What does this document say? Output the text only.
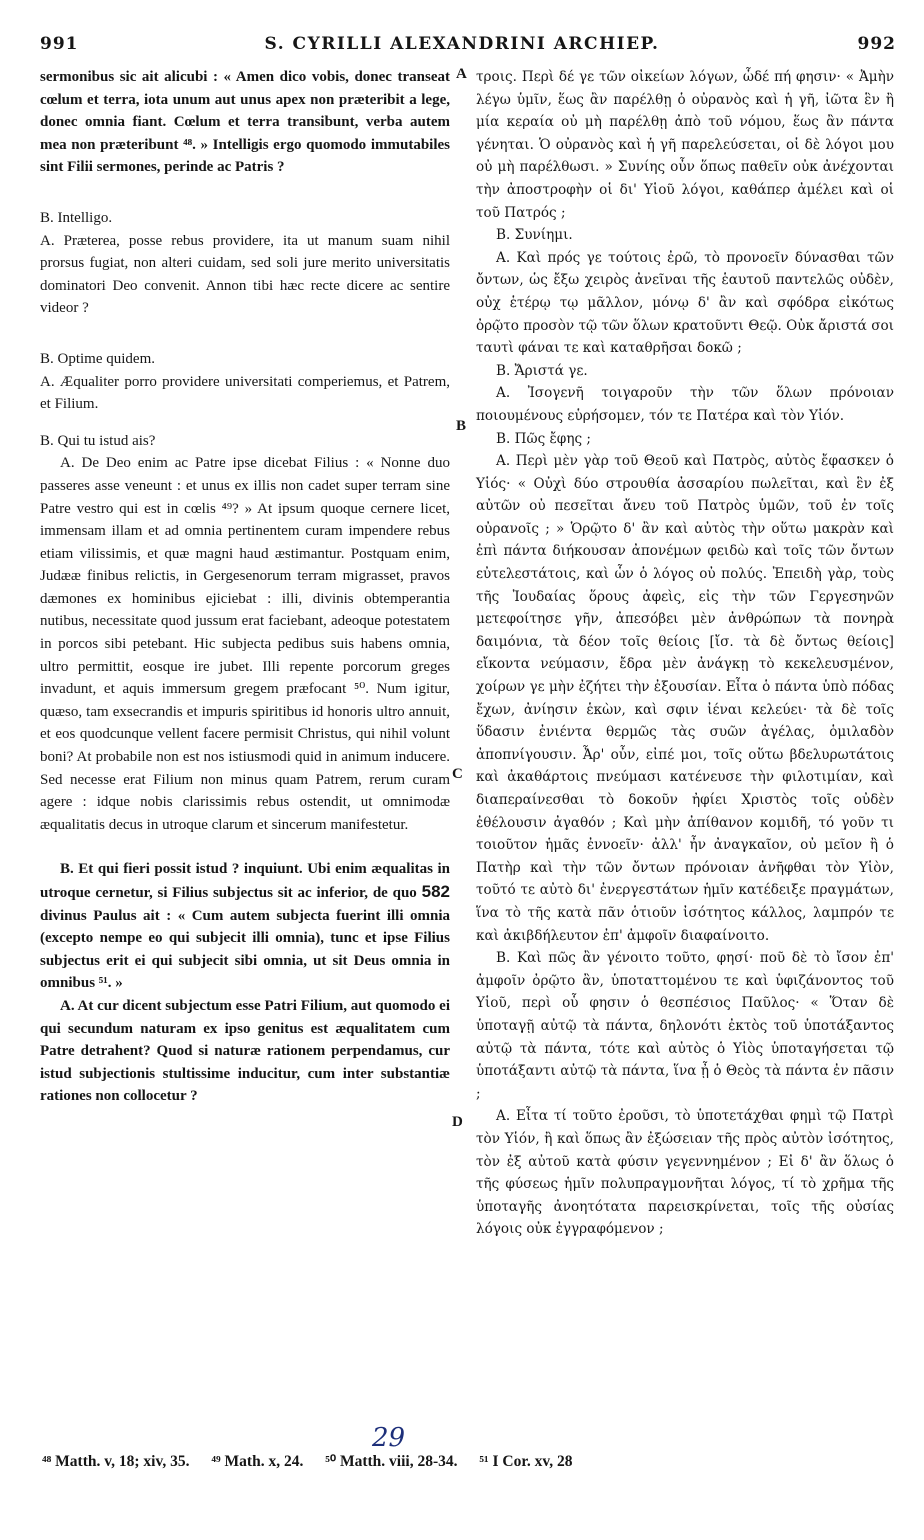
991	S. CYRILLI ALEXANDRINI ARCHIEP.	992

sermonibus sic ait alicubi : « Amen dico vobis, donec transeat cœlum et terra, iota unum aut unus apex non præteribit a lege, donec omnia fiant. Cœlum et terra transibunt, verba autem mea non præteribunt ⁴⁸. » Intelligis ergo quomodo immutabiles sint Filii sermones, perinde ac Patris ?

B. Intelligo.

A. Præterea, posse rebus providere, ita ut manum suam nihil prorsus fugiat, non alteri cuidam, sed soli jure merito universitatis dominatori Deo convenit. Annon tibi hæc recte dicere ac sentire videor ?

B. Optime quidem.

A. Æqualiter porro providere universitati comperiemus, et Patrem, et Filium.

B. Qui tu istud ais?

A. De Deo enim ac Patre ipse dicebat Filius : « Nonne duo passeres asse veneunt : et unus ex illis non cadet super terram sine Patre vestro qui est in cœlis ⁴⁹? » At ipsum quoque cernere licet, immensam illam et ad omnia pertinentem curam impendere rebus etiam vilissimis, et quæ magni haud æstimantur. Postquam enim, Judææ finibus relictis, in Gergesenorum terram migrasset, pravos dæmones ex hominibus ejiciebat : illi, divinis obtemperantia nutibus, necessitate quod jussum erat faciebant, adeoque potestatem in porcos sibi petebant. Hic subjecta pedibus suis habens omnia, ultro permittit, eosque ire jubet. Illi repente porcorum greges invadunt, et aquis immersum gregem præfocant ⁵⁰. Num igitur, quæso, tam exsecrandis et impuris spiritibus id honoris ultro annuit, et eos quodcunque vellent facere permisit Christus, qui nihil volunt boni? At probabile non est nos istiusmodi quid in animum inducere. Sed necesse erat Filium non minus quam Patrem, rerum curam agere : idque nobis clarissimis rebus ostendit, ut omnimodæ æqualitatis decus in utroque clarum et sincerum manifestetur.

B. Et qui fieri possit istud ? inquiunt. Ubi enim æqualitas in utroque cernetur, si Filius subjectus sit ac inferior, de quo 582 divinus Paulus ait : « Cum autem subjecta fuerint illi omnia (excepto nempe eo qui subjecit illi omnia), tunc et ipse Filius subjectus erit ei qui subjecit sibi omnia, ut sit Deus omnia in omnibus ⁵¹. »

A. At cur dicent subjectum esse Patri Filium, aut quomodo ei qui secundum naturam ex ipso genitus est æqualitatem cum Patre detrahent? Quod si naturæ rationem perpendamus, cur istud subjectionis stultissime inducitur, cum inter substantiæ rationes non collocetur ?

A
B
C
D

τροις. Περὶ δέ γε τῶν οἰκείων λόγων, ὧδέ πή φησιν· « Ἀμὴν λέγω ὑμῖν, ἕως ἂν παρέλθῃ ὁ οὐρανὸς καὶ ἡ γῆ, ἰῶτα ἓν ἢ μία κεραία οὐ μὴ παρέλθῃ ἀπὸ τοῦ νόμου, ἕως ἂν πάντα γένηται. Ὁ οὐρανὸς καὶ ἡ γῆ παρελεύσεται, οἱ δὲ λόγοι μου οὐ μὴ παρέλθωσι. » Συνίης οὖν ὅπως παθεῖν οὐκ ἀνέχονται τὴν ἀποστροφὴν οἱ δι' Υἱοῦ λόγοι, καθάπερ ἀμέλει καὶ οἱ τοῦ Πατρός ;

Β. Συνίημι.

Α. Καὶ πρός γε τούτοις ἐρῶ, τὸ προνοεῖν δύνασθαι τῶν ὄντων, ὡς ἔξω χειρὸς ἀνεῖναι τῆς ἑαυτοῦ παντελῶς οὐδὲν, οὐχ ἑτέρῳ τῳ μᾶλλον, μόνῳ δ' ἂν καὶ σφόδρα εἰκότως ὀρῷτο προσὸν τῷ τῶν ὅλων κρατοῦντι Θεῷ. Οὐκ ἄριστά σοι ταυτὶ φάναι τε καὶ καταθρῆσαι δοκῶ ;

Β. Ἄριστά γε.

Α. Ἰσογενῆ τοιγαροῦν τὴν τῶν ὅλων πρόνοιαν ποιουμένους εὑρήσομεν, τόν τε Πατέρα καὶ τὸν Υἱόν.

Β. Πῶς ἔφης ;

Α. Περὶ μὲν γὰρ τοῦ Θεοῦ καὶ Πατρὸς, αὐτὸς ἔφασκεν ὁ Υἱός· « Οὐχὶ δύο στρουθία ἀσσαρίου πωλεῖται, καὶ ἓν ἐξ αὐτῶν οὐ πεσεῖται ἄνευ τοῦ Πατρὸς ὑμῶν, τοῦ ἐν τοῖς οὐρανοῖς ; » Ὁρῷτο δ' ἂν καὶ αὐτὸς τὴν οὕτω μακρὰν καὶ ἐπὶ πάντα διήκουσαν ἀπονέμων φειδὼ καὶ τοῖς τῶν ὄντων εὐτελεστάτοις, καὶ ὧν ὁ λόγος οὐ πολύς. Ἐπειδὴ γὰρ, τοὺς τῆς Ἰουδαίας ὅρους ἀφεὶς, εἰς τὴν τῶν Γεργεσηνῶν μετεφοίτησε γῆν, ἀπεσόβει μὲν ἀνθρώπων τὰ πονηρὰ δαιμόνια, τὰ δέον τοῖς θείοις [ἴσ. τὰ δὲ ὄντως θείοις] εἴκοντα νεύμασιν, ἔδρα μὲν ἀνάγκῃ τὸ κεκελευσμένον, χοίρων γε μὴν ἐζήτει τὴν ἐξουσίαν. Εἶτα ὁ πάντα ὑπὸ πόδας ἔχων, ἀνίησιν ἑκὼν, καὶ σφιν ἰέναι κελεύει· τὰ δὲ τοῖς ὕδασιν ἐνιέντα θερμῶς τὰς συῶν ἀγέλας, ὁμιλαδὸν ἀποπνίγουσιν. Ἆρ' οὖν, εἰπέ μοι, τοῖς οὕτω βδελυρωτάτοις καὶ ἀκαθάρτοις πνεύμασι κατένευσε τὴν φιλοτιμίαν, καὶ διαπεραίνεσθαι τὸ δοκοῦν ἠφίει Χριστὸς τοῖς οὐδὲν ἐθέλουσιν ἀγαθόν ; Καὶ μὴν ἀπίθανον κομιδῆ, τό γοῦν τι τοιοῦτον ἡμᾶς ἐννοεῖν· ἀλλ' ἦν ἀναγκαῖον, οὐ μεῖον ἢ ὁ Πατὴρ καὶ τὴν τῶν ὄντων πρόνοιαν ἀνῆφθαι τὸν Υἱὸν, τοῦτό τε αὐτὸ δι' ἐνεργεστάτων ἡμῖν κατέδειξε πραγμάτων, ἵνα τὸ τῆς κατὰ πᾶν ὁτιοῦν ἰσότητος κάλλος, λαμπρόν τε καὶ ἀκιβδήλευτον ἐπ' ἀμφοῖν διαφαίνοιτο.

Β. Καὶ πῶς ἂν γένοιτο τοῦτο, φησί· ποῦ δὲ τὸ ἴσον ἐπ' ἀμφοῖν ὀρῷτο ἂν, ὑποταττομένου τε καὶ ὑφιζάνοντος τοῦ Υἱοῦ, περὶ οὗ φησιν ὁ θεσπέσιος Παῦλος· « Ὅταν δὲ ὑποταγῇ αὐτῷ τὰ πάντα, δηλονότι ἐκτὸς τοῦ ὑποτάξαντος αὐτῷ τὰ πάντα, τότε καὶ αὐτὸς ὁ Υἱὸς ὑποταγήσεται τῷ ὑποτάξαντι αὐτῷ τὰ πάντα, ἵνα ᾖ ὁ Θεὸς τὰ πάντα ἐν πᾶσιν ;

Α. Εἶτα τί τοῦτο ἐροῦσι, τὸ ὑποτετάχθαι φημὶ τῷ Πατρὶ τὸν Υἱόν, ἢ καὶ ὅπως ἂν ἐξώσειαν τῆς πρὸς αὐτὸν ἰσότητος, τὸν ἐξ αὐτοῦ κατὰ φύσιν γεγεννημένον ; Εἰ δ' ἂν ὅλως ὁ τῆς φύσεως ἡμῖν πολυπραγμονῆται λόγος, τί τὸ χρῆμα τῆς ὑποταγῆς ἀνοητότατα παρεισκρίνεται, τοῖς τῆς οὐσίας λόγοις οὐκ ἐγγραφόμενον ;

29
⁴⁸ Matth. v, 18; xiv, 35. ⁴⁹ Math. x, 24. ⁵⁰ Matth. viii, 28-34. ⁵¹ I Cor. xv, 28
